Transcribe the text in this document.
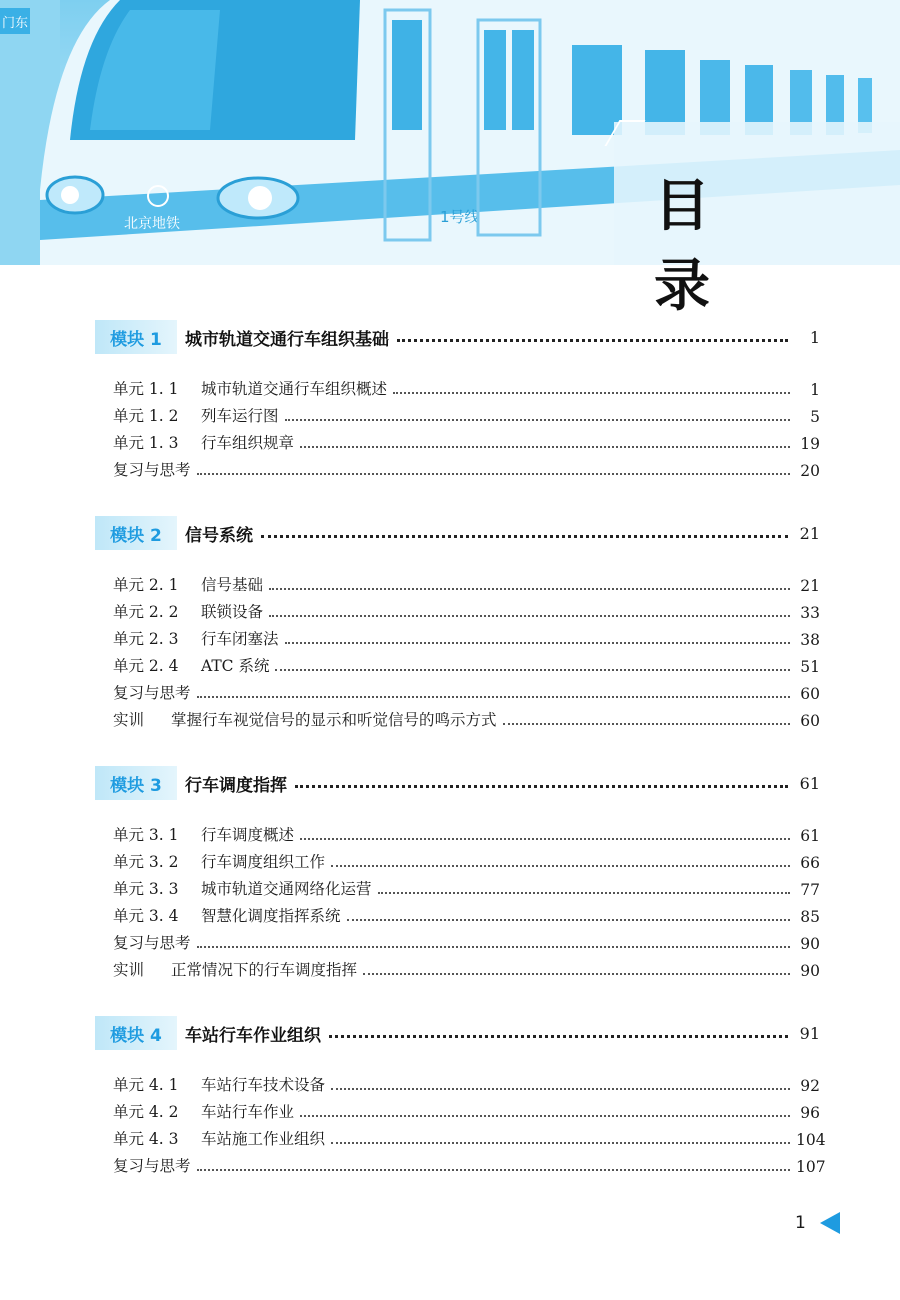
门东
北京地铁	1号线	目录
模块 1	城市轨道交通行车组织基础	1
单元 1. 1 城市轨道交通行车组织概述	1
单元 1. 2 列车运行图	5
单元 1. 3 行车组织规章	19
复习与思考	20
模块 2	信号系统	21
单元 2. 1 信号基础	21
单元 2. 2 联锁设备	33
单元 2. 3 行车闭塞法	38
单元 2. 4 ATC 系统	51
复习与思考	60
实训 掌握行车视觉信号的显示和听觉信号的鸣示方式	60
模块 3	行车调度指挥	61
单元 3. 1 行车调度概述	61
单元 3. 2 行车调度组织工作	66
单元 3. 3 城市轨道交通网络化运营	77
单元 3. 4 智慧化调度指挥系统	85
复习与思考	90
实训 正常情况下的行车调度指挥	90
模块 4	车站行车作业组织	91
单元 4. 1 车站行车技术设备	92
单元 4. 2 车站行车作业	96
单元 4. 3 车站施工作业组织	104
复习与思考	107
1
